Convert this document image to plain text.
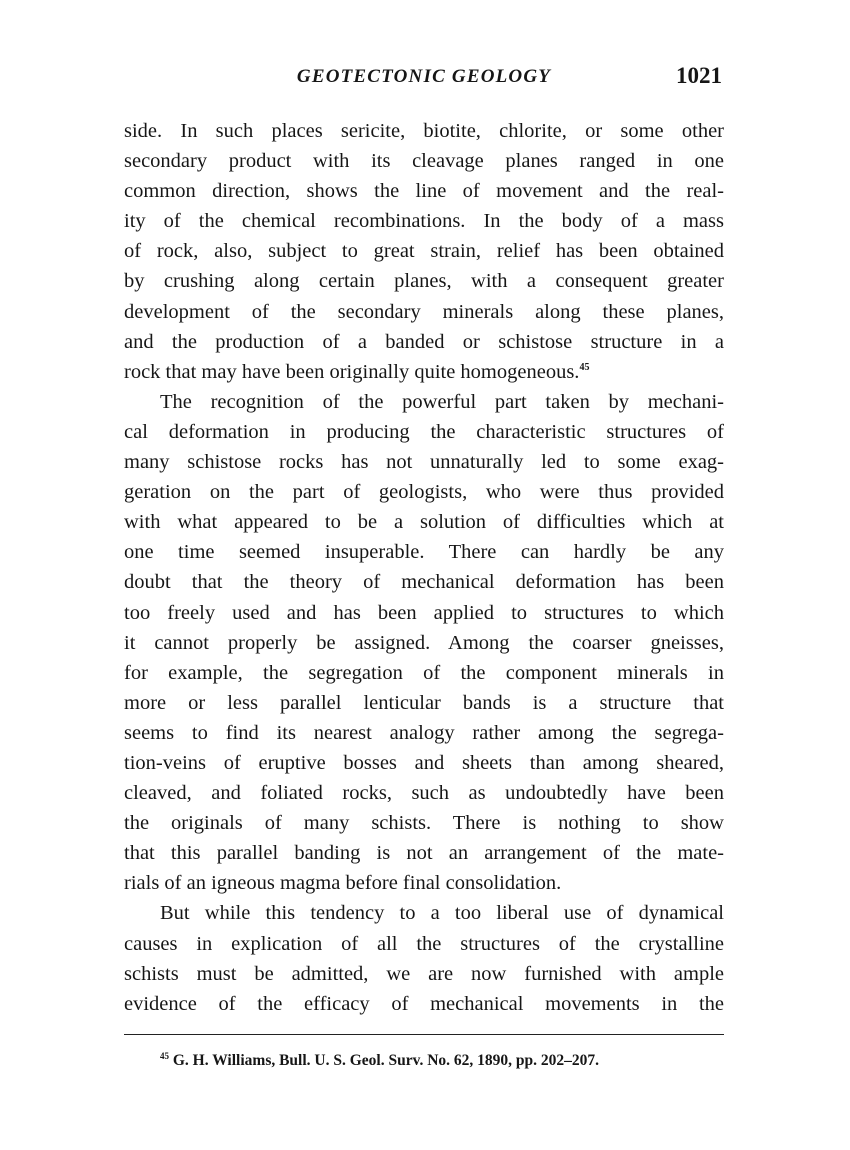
GEOTECTONIC GEOLOGY	1021
side. In such places sericite, biotite, chlorite, or some other
secondary product with its cleavage planes ranged in one
common direction, shows the line of movement and the real-
ity of the chemical recombinations. In the body of a mass
of rock, also, subject to great strain, relief has been obtained
by crushing along certain planes, with a consequent greater
development of the secondary minerals along these planes,
and the production of a banded or schistose structure in a
rock that may have been originally quite homogeneous.$^{45}$
The recognition of the powerful part taken by mechani-
cal deformation in producing the characteristic structures of
many schistose rocks has not unnaturally led to some exag-
geration on the part of geologists, who were thus provided
with what appeared to be a solution of difficulties which at
one time seemed insuperable. There can hardly be any
doubt that the theory of mechanical deformation has been
too freely used and has been applied to structures to which
it cannot properly be assigned. Among the coarser gneisses,
for example, the segregation of the component minerals in
more or less parallel lenticular bands is a structure that
seems to find its nearest analogy rather among the segrega-
tion-veins of eruptive bosses and sheets than among sheared,
cleaved, and foliated rocks, such as undoubtedly have been
the originals of many schists. There is nothing to show
that this parallel banding is not an arrangement of the mate-
rials of an igneous magma before final consolidation.
But while this tendency to a too liberal use of dynamical
causes in explication of all the structures of the crystalline
schists must be admitted, we are now furnished with ample
evidence of the efficacy of mechanical movements in the
$^{45}$ G. H. Williams, Bull. U. S. Geol. Surv. No. 62, 1890, pp. 202–207.
